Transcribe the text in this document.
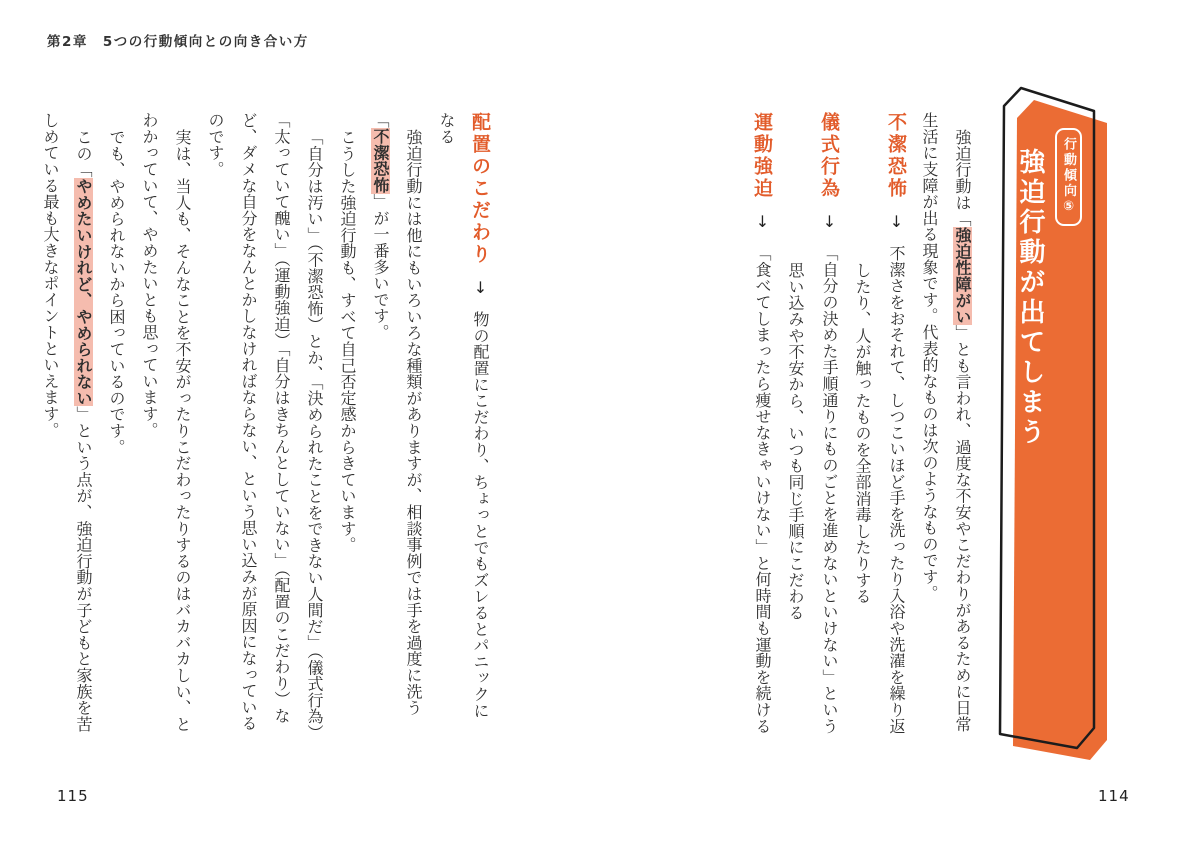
第2章　5つの行動傾向との向き合い方

強迫行動は「強迫性障がい」とも言われ、過度な不安やこだわりがあるために日常生活に支障が出る現象です。代表的なものは次のようなものです。

不潔恐怖↓不潔さをおそれて、しつこいほど手を洗ったり入浴や洗濯を繰り返したり、人が触ったものを全部消毒したりする

儀式行為↓「自分の決めた手順通りにものごとを進めないといけない」という思い込みや不安から、いつも同じ手順にこだわる

運動強迫↓「食べてしまったら痩せなきゃいけない」と何時間も運動を続ける

配置のこだわり↓物の配置にこだわり、ちょっとでもズレるとパニックになる

強迫行動には他にもいろいろな種類がありますが、相談事例では手を過度に洗う「不潔恐怖」が一番多いです。

こうした強迫行動も、すべて自己否定感からきています。

「自分は汚い」（不潔恐怖）とか、「決められたことをできない人間だ」（儀式行為）「太っていて醜い」（運動強迫）「自分はきちんとしていない」（配置のこだわり）など、ダメな自分をなんとかしなければならない、という思い込みが原因になっているのです。

実は、当人も、そんなことを不安がったりこだわったりするのはバカバカしい、とわかっていて、やめたいとも思っています。

でも、やめられないから困っているのです。

この「やめたいけれど、やめられない」という点が、強迫行動が子どもと家族を苦しめている最も大きなポイントといえます。	行動傾向⑤
強迫行動が出てしまう
115	114
